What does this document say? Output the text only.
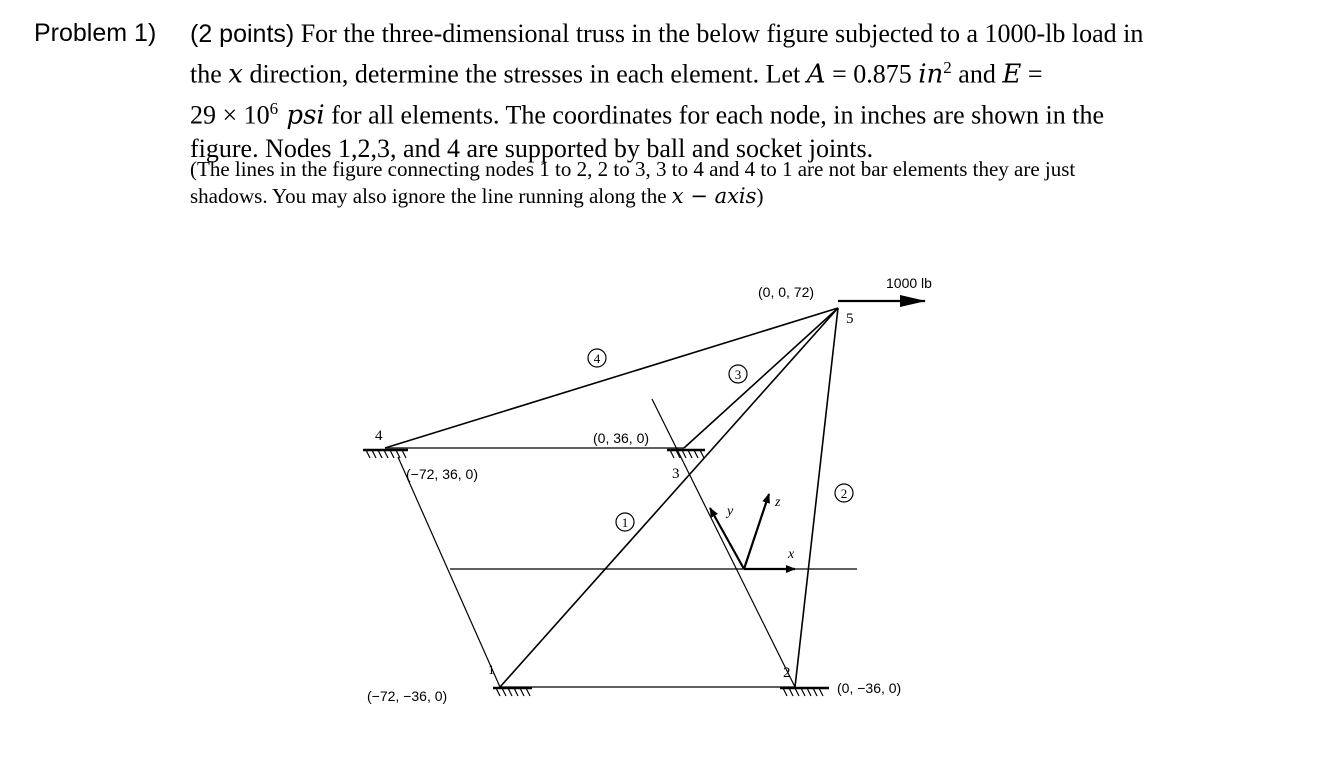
Problem 1) (2 points) For the three-dimensional truss in the below figure subjected to a 1000-lb load in
the x direction, determine the stresses in each element. Let A = 0.875 $in^2$ and E =
$29 \times 10^6$ psi for all elements. The coordinates for each node, in inches are shown in the
figure. Nodes 1,2,3, and 4 are supported by ball and socket joints.
(The lines in the figure connecting nodes 1 to 2, 2 to 3, 3 to 4 and 4 to 1 are not bar elements they are just
shadows. You may also ignore the line running along the x − axis)
4
3
1
2
1000 lb
(0, 0, 72)
5
4
(−72, 36, 0)
(0, 36, 0)
3
1
(−72, −36, 0)
2
(0, −36, 0)
x
y
z
